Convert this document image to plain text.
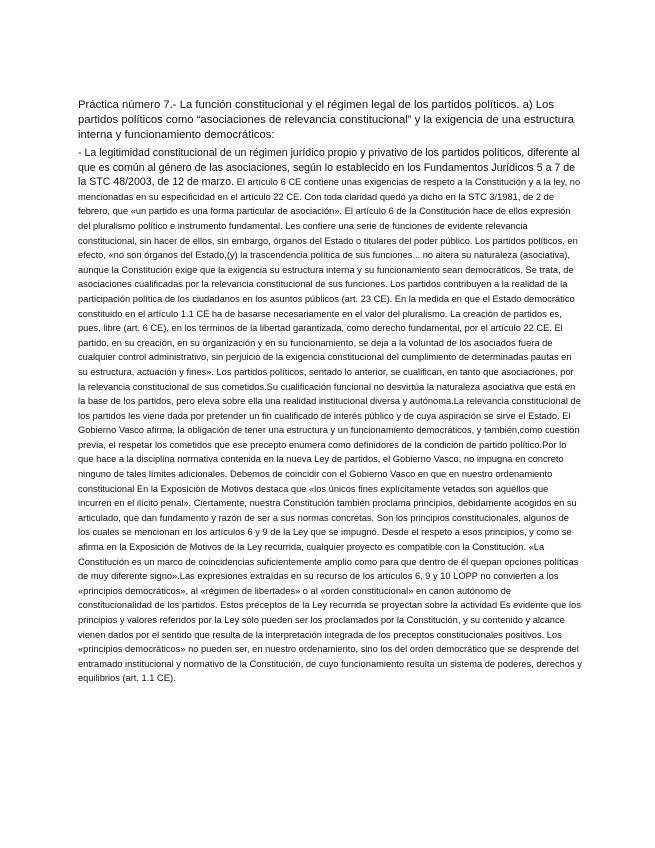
Práctica número 7.- La función constitucional y el régimen legal de los partidos políticos. a) Los partidos políticos como “asociaciones de relevancia constitucional” y la exigencia de una estructura interna y funcionamiento democráticos:

- La legitimidad constitucional de un régimen jurídico propio y privativo de los partidos políticos, diferente al que es común al género de las asociaciones, según lo establecido en los Fundamentos Jurídicos 5 a 7 de la STC 48/2003, de 12 de marzo. El artículo 6 CE contiene unas exigencias de respeto a la Constitución y a la ley, no mencionadas en su especificidad en el artículo 22 CE. Con toda claridad quedó ya dicho en la STC 3/1981, de 2 de febrero, que «un partido es una forma particular de asociación». El artículo 6 de la Constitución hace de ellos expresión del pluralismo político e instrumento fundamental. Les confiere una serie de funciones de evidente relevancia constitucional, sin hacer de ellos, sin embargo, órganos del Estado o titulares del poder público. Los partidos políticos, en efecto, «no son órganos del Estado,(y) la trascendencia política de sus funciones... no altera su naturaleza (asociativa), aunque la Constitución exige que la exigencia su estructura interna y su funcionamiento sean democráticos. Se trata, de asociaciones cualificadas por la relevancia constitucional de sus funciones. Los partidos contribuyen a la realidad de la participación política de los ciudadanos en los asuntos públicos (art. 23 CE). En la medida en que el Estado democrático constituido en el artículo 1.1 CE ha de basarse necesariamente en el valor del pluralismo. La creación de partidos es, pues, libre (art. 6 CE), en los términos de la libertad garantizada, como derecho fundamental, por el artículo 22 CE. El partido, en su creación, en su organización y en su funcionamiento, se deja a la voluntad de los asociados fuera de cualquier control administrativo, sin perjuicio de la exigencia constitucional del cumplimiento de determinadas pautas en su estructura, actuación y fines». Los partidos políticos, sentado lo anterior, se cualifican, en tanto que asociaciones, por la relevancia constitucional de sus cometidos.Su cualificación funcional no desvirtúa la naturaleza asociativa que está en la base de los partidos, pero eleva sobre ella una realidad institucional diversa y autónoma.La relevancia constitucional de los partidos les viene dada por pretender un fin cualificado de interés público y de cuya aspiración se sirve el Estado. El Gobierno Vasco afirma, la obligación de tener una estructura y un funcionamiento democráticos, y también,como cuestión previa, el respetar los cometidos que ese precepto enumera como definidores de la condición de partido político.Por lo que hace a la disciplina normativa contenida en la nueva Ley de partidos, el Gobierno Vasco, no impugna en concreto ninguno de tales límites adicionales. Debemos de coincidir con el Gobierno Vasco en que en nuestro ordenamiento constitucional En la Exposición de Motivos destaca que «los únicos fines explícitamente vetados son aquéllos que incurren en el ilícito penal». Ciertamente, nuestra Constitución también proclama principios, debidamente acogidos en su articulado, que dan fundamento y razón de ser a sus normas concretas. Son los principios constitucionales, algunos de los cuales se mencionan en los artículos 6 y 9 de la Ley que se impugnó. Desde el respeto a esos principios, y como se afirma en la Exposición de Motivos de la Ley recurrida, cualquier proyecto es compatible con la Constitución. «La Constitución es un marco de coincidencias suficientemente amplio como para que dentro de él quepan opciones políticas de muy diferente signo».Las expresiones extraídas en su recurso de los artículos 6, 9 y 10 LOPP no convierten a los «principios democráticos», al «régimen de libertades» o al «orden constitucional» en canon autónomo de constitucionalidad de los partidos. Estos preceptos de la Ley recurrida se proyectan sobre la actividad Es evidente que los principios y valores referidos por la Ley sólo pueden ser los proclamados por la Constitución, y su contenido y alcance vienen dados por el sentido que resulta de la interpretación integrada de los preceptos constitucionales positivos. Los «principios democráticos» no pueden ser, en nuestro ordenamiento, sino los del orden democrático que se desprende del entramado institucional y normativo de la Constitución, de cuyo funcionamiento resulta un sistema de poderes, derechos y equilibrios (art. 1.1 CE).
